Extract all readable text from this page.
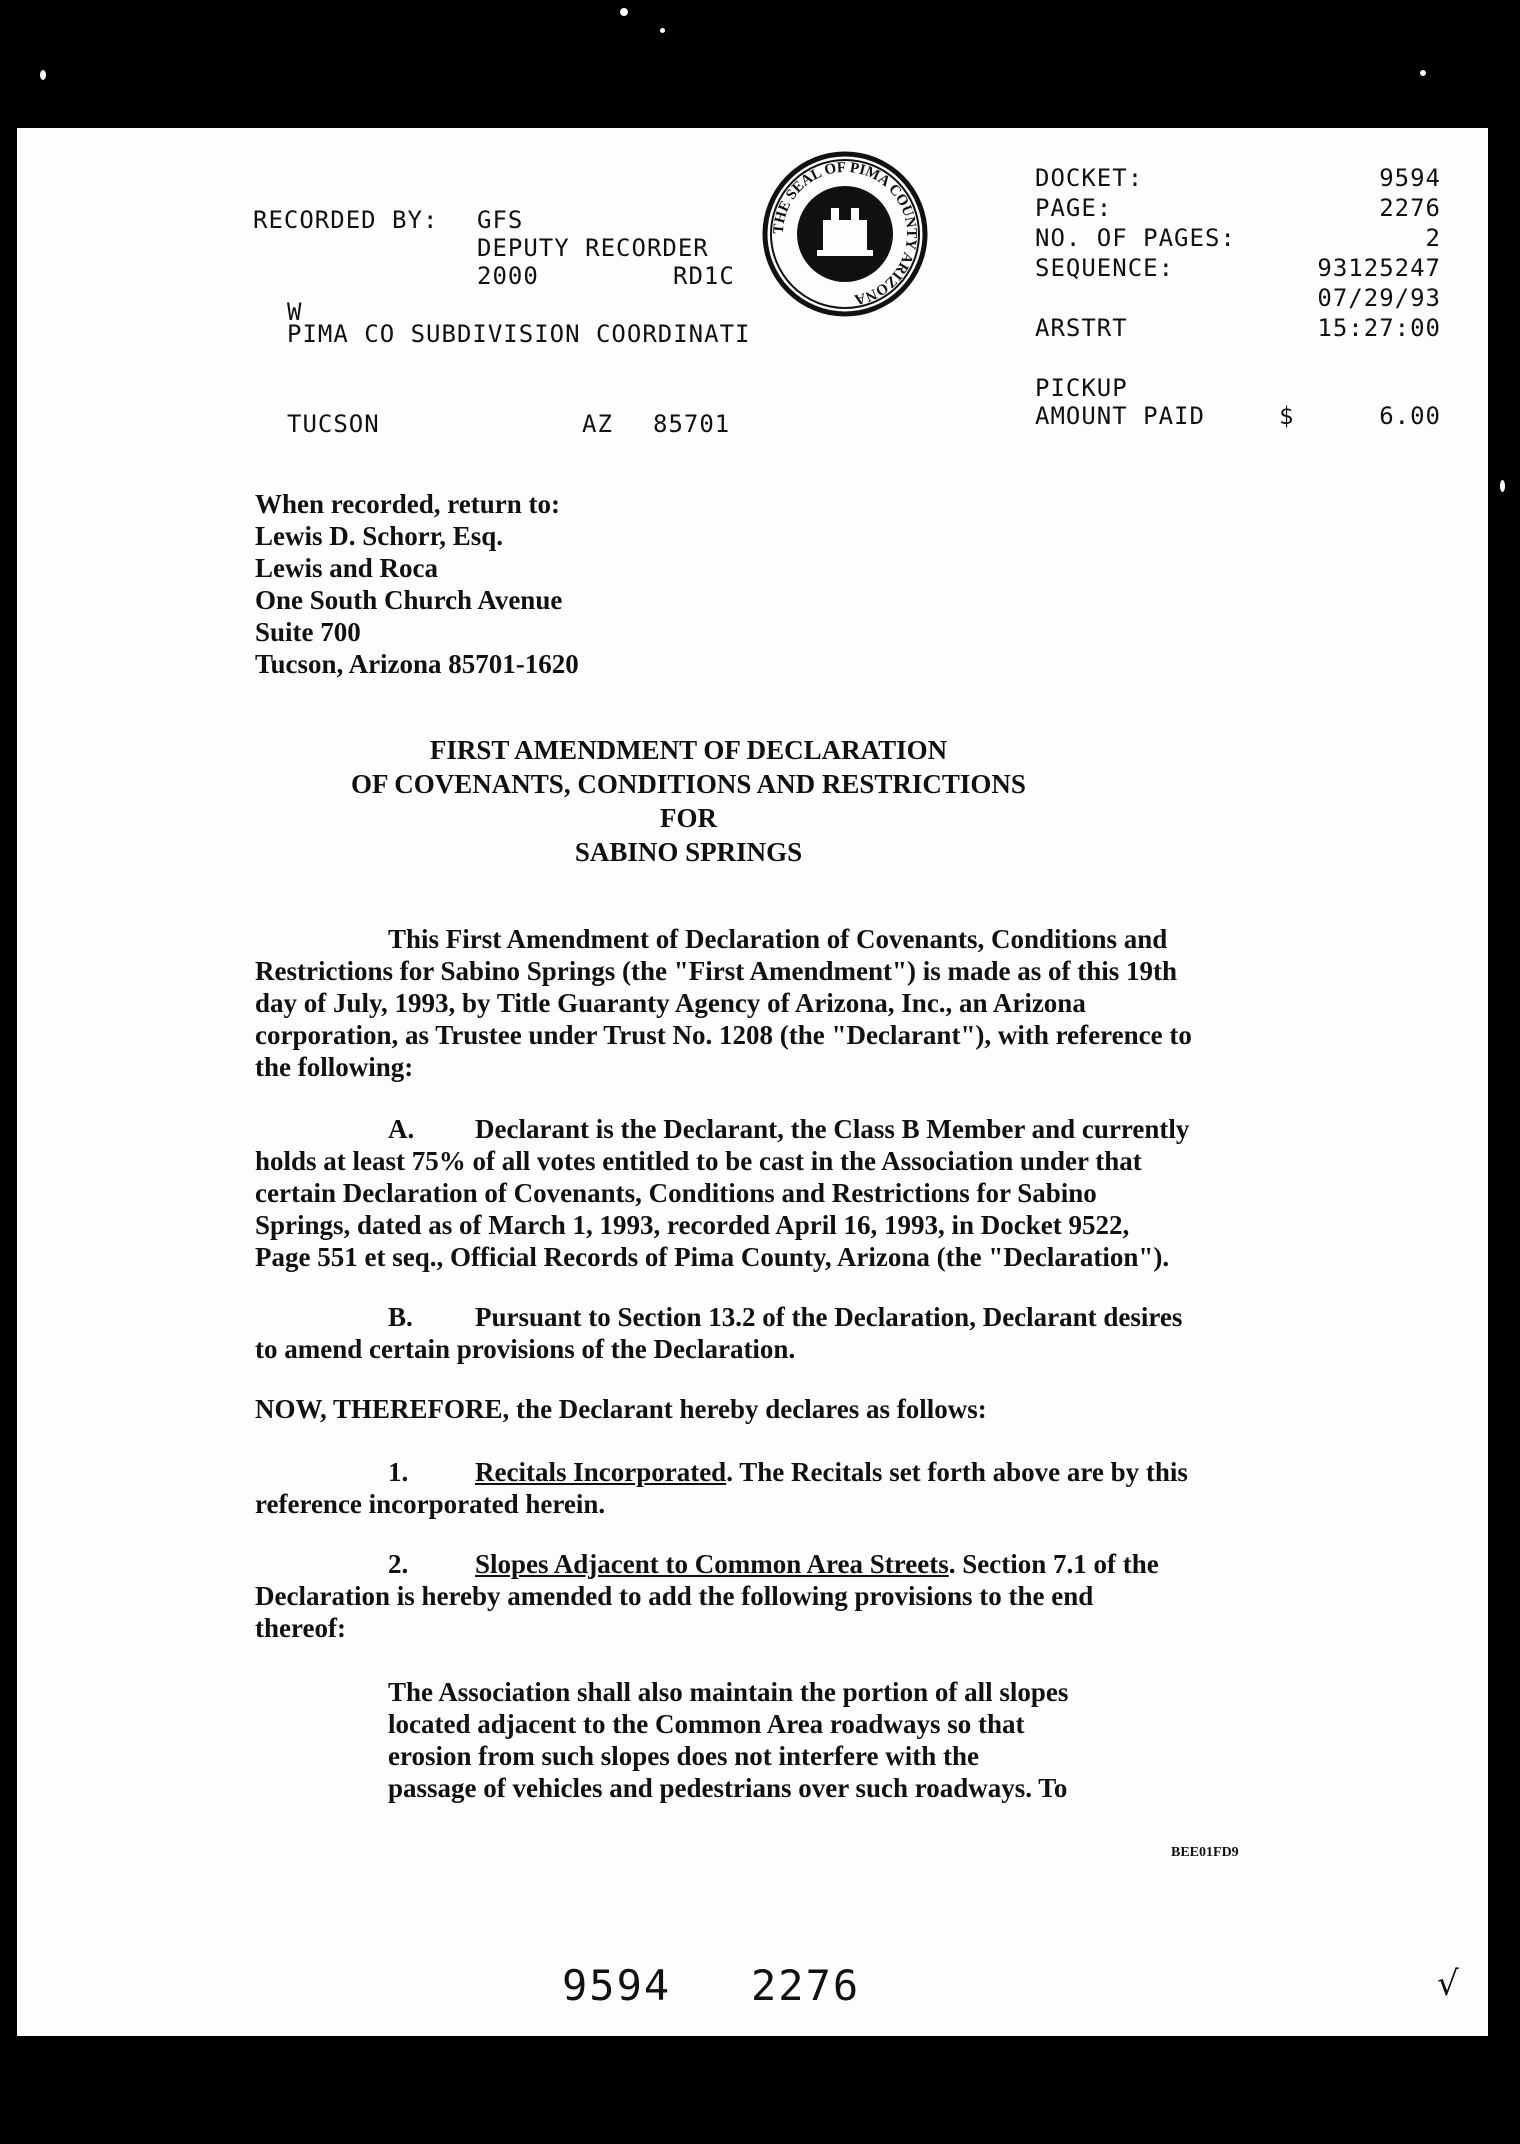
RECORDED BY: GFS
DEPUTY RECORDER
2000	RD1C
W
PIMA CO SUBDIVISION COORDINATI
TUCSON	AZ 85701
THE SEAL OF PIMA COUNTY ARIZONA
DOCKET:	9594
PAGE:	2276
NO. OF PAGES:	2
SEQUENCE:	93125247
07/29/93
ARSTRT	15:27:00
PICKUP
AMOUNT PAID	$	6.00

When recorded, return to:

Lewis D. Schorr, Esq.

Lewis and Roca

One South Church Avenue

Suite 700

Tucson, Arizona 85701-1620

FIRST AMENDMENT OF DECLARATION
OF COVENANTS, CONDITIONS AND RESTRICTIONS
FOR
SABINO SPRINGS

This First Amendment of Declaration of Covenants, Conditions and

Restrictions for Sabino Springs (the "First Amendment") is made as of this 19th

day of July, 1993, by Title Guaranty Agency of Arizona, Inc., an Arizona

corporation, as Trustee under Trust No. 1208 (the "Declarant"), with reference to

the following:

A. Declarant is the Declarant, the Class B Member and currently

holds at least 75% of all votes entitled to be cast in the Association under that

certain Declaration of Covenants, Conditions and Restrictions for Sabino

Springs, dated as of March 1, 1993, recorded April 16, 1993, in Docket 9522,

Page 551 et seq., Official Records of Pima County, Arizona (the "Declaration").

B. Pursuant to Section 13.2 of the Declaration, Declarant desires

to amend certain provisions of the Declaration.

NOW, THEREFORE, the Declarant hereby declares as follows:

1. Recitals Incorporated. The Recitals set forth above are by this

reference incorporated herein.

2. Slopes Adjacent to Common Area Streets. Section 7.1 of the

Declaration is hereby amended to add the following provisions to the end

thereof:

The Association shall also maintain the portion of all slopes

located adjacent to the Common Area roadways so that

erosion from such slopes does not interfere with the

passage of vehicles and pedestrians over such roadways. To

BEE01FD9
9594 2276	√
